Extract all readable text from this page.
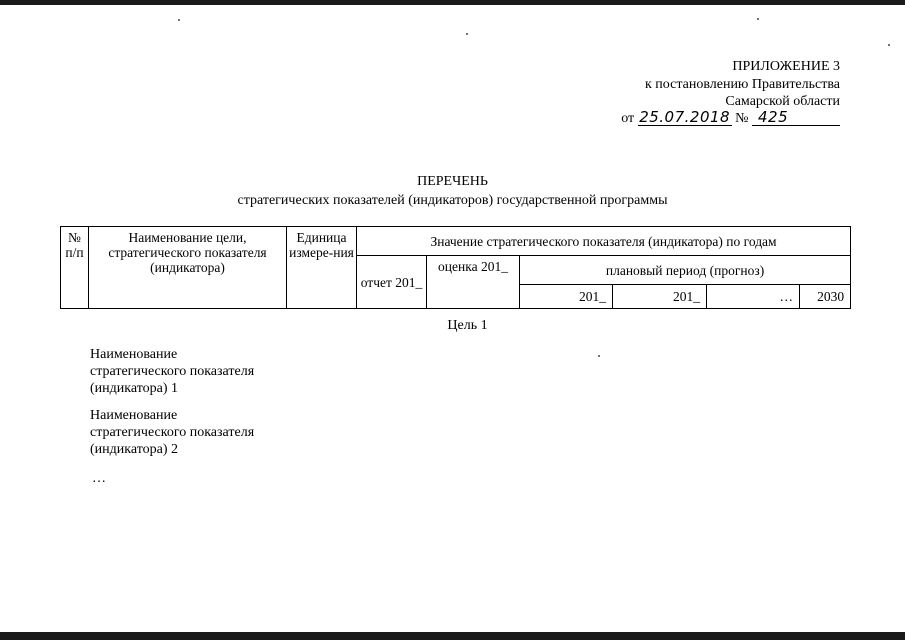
ПРИЛОЖЕНИЕ 3
к постановлению Правительства
Самарской области
от 25.07.2018 № 425
ПЕРЕЧЕНЬ
стратегических показателей (индикаторов) государственной программы
№ п/п	Наименование цели, стратегического показателя (индикатора)	Единица измере-ния	Значение стратегического показателя (индикатора) по годам					
			отчет 201_	оценка 201_	плановый период (прогноз)			
					201_	201_	…	2030
Цель 1
Наименование
стратегического показателя
(индикатора) 1
Наименование
стратегического показателя
(индикатора) 2
…
